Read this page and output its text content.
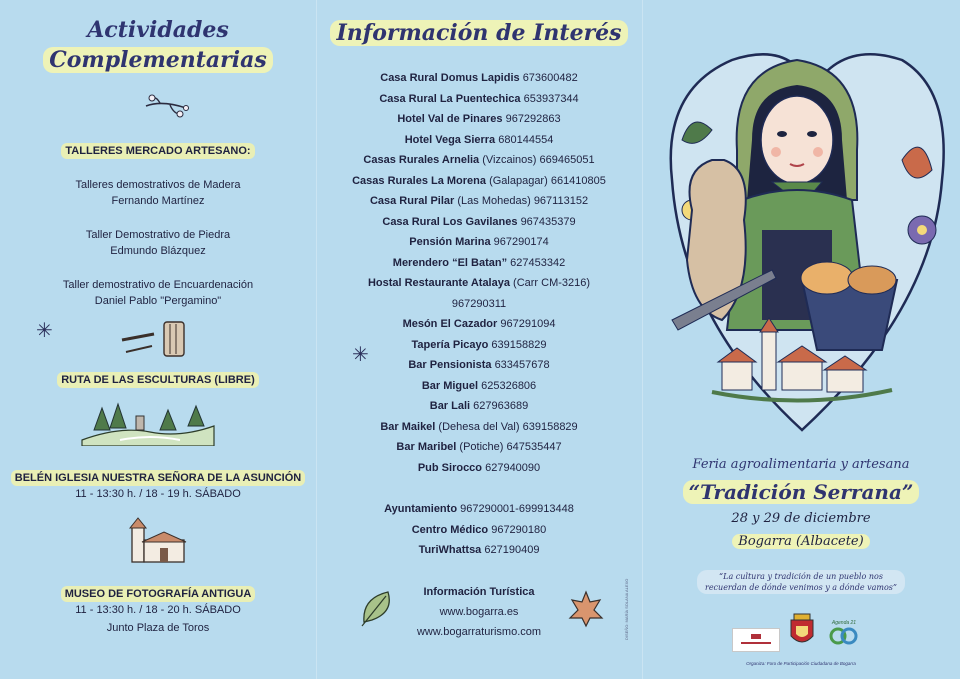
Actividades
Complementarias
TALLERES MERCADO ARTESANO:
Talleres demostrativos de Madera
Fernando Martínez
Taller Demostrativo de Piedra
Edmundo Blázquez
Taller demostrativo de Encuardenación
Daniel Pablo "Pergamino"
✳
RUTA DE LAS ESCULTURAS (LIBRE)
BELÉN IGLESIA NUESTRA SEÑORA DE LA ASUNCIÓN
11 - 13:30 h. / 18 - 19 h. SÁBADO
MUSEO DE FOTOGRAFÍA ANTIGUA
11 - 13:30 h. / 18 - 20 h. SÁBADO
Junto Plaza de Toros
Información de Interés
Casa Rural Domus Lapidis 673600482
Casa Rural La Puentechica 653937344
Hotel Val de Pinares 967292863
Hotel Vega Sierra 680144554
Casas Rurales Arnelia (Vizcainos) 669465051
Casas Rurales La Morena (Galapagar) 661410805
Casa Rural Pilar (Las Mohedas) 967113152
Casa Rural Los Gavilanes 967435379
Pensión Marina 967290174
Merendero “El Batan” 627453342
Hostal Restaurante Atalaya (Carr CM-3216)
967290311
Mesón El Cazador 967291094
Tapería Picayo 639158829
Bar Pensionista 633457678
Bar Miguel 625326806
Bar Lali 627963689
Bar Maikel (Dehesa del Val) 639158829
Bar Maribel (Potiche) 647535447
Pub Sirocco 627940090
Ayuntamiento 967290001-699913448
Centro Médico 967290180
TuriWhattsa 627190409
✳
Información Turística
www.bogarra.es
www.bogarraturismo.com	DISEÑO: MARÍA SOLANA ALEXO
Feria agroalimentaria y artesana
“Tradición Serrana”
28 y 29 de diciembre
Bogarra (Albacete)
“La cultura y tradición de un pueblo nos
recuerdan de dónde venimos y a dónde vamos”
Agenda 21
Organiza: Foro de Participación Ciudadana de Bogarra
